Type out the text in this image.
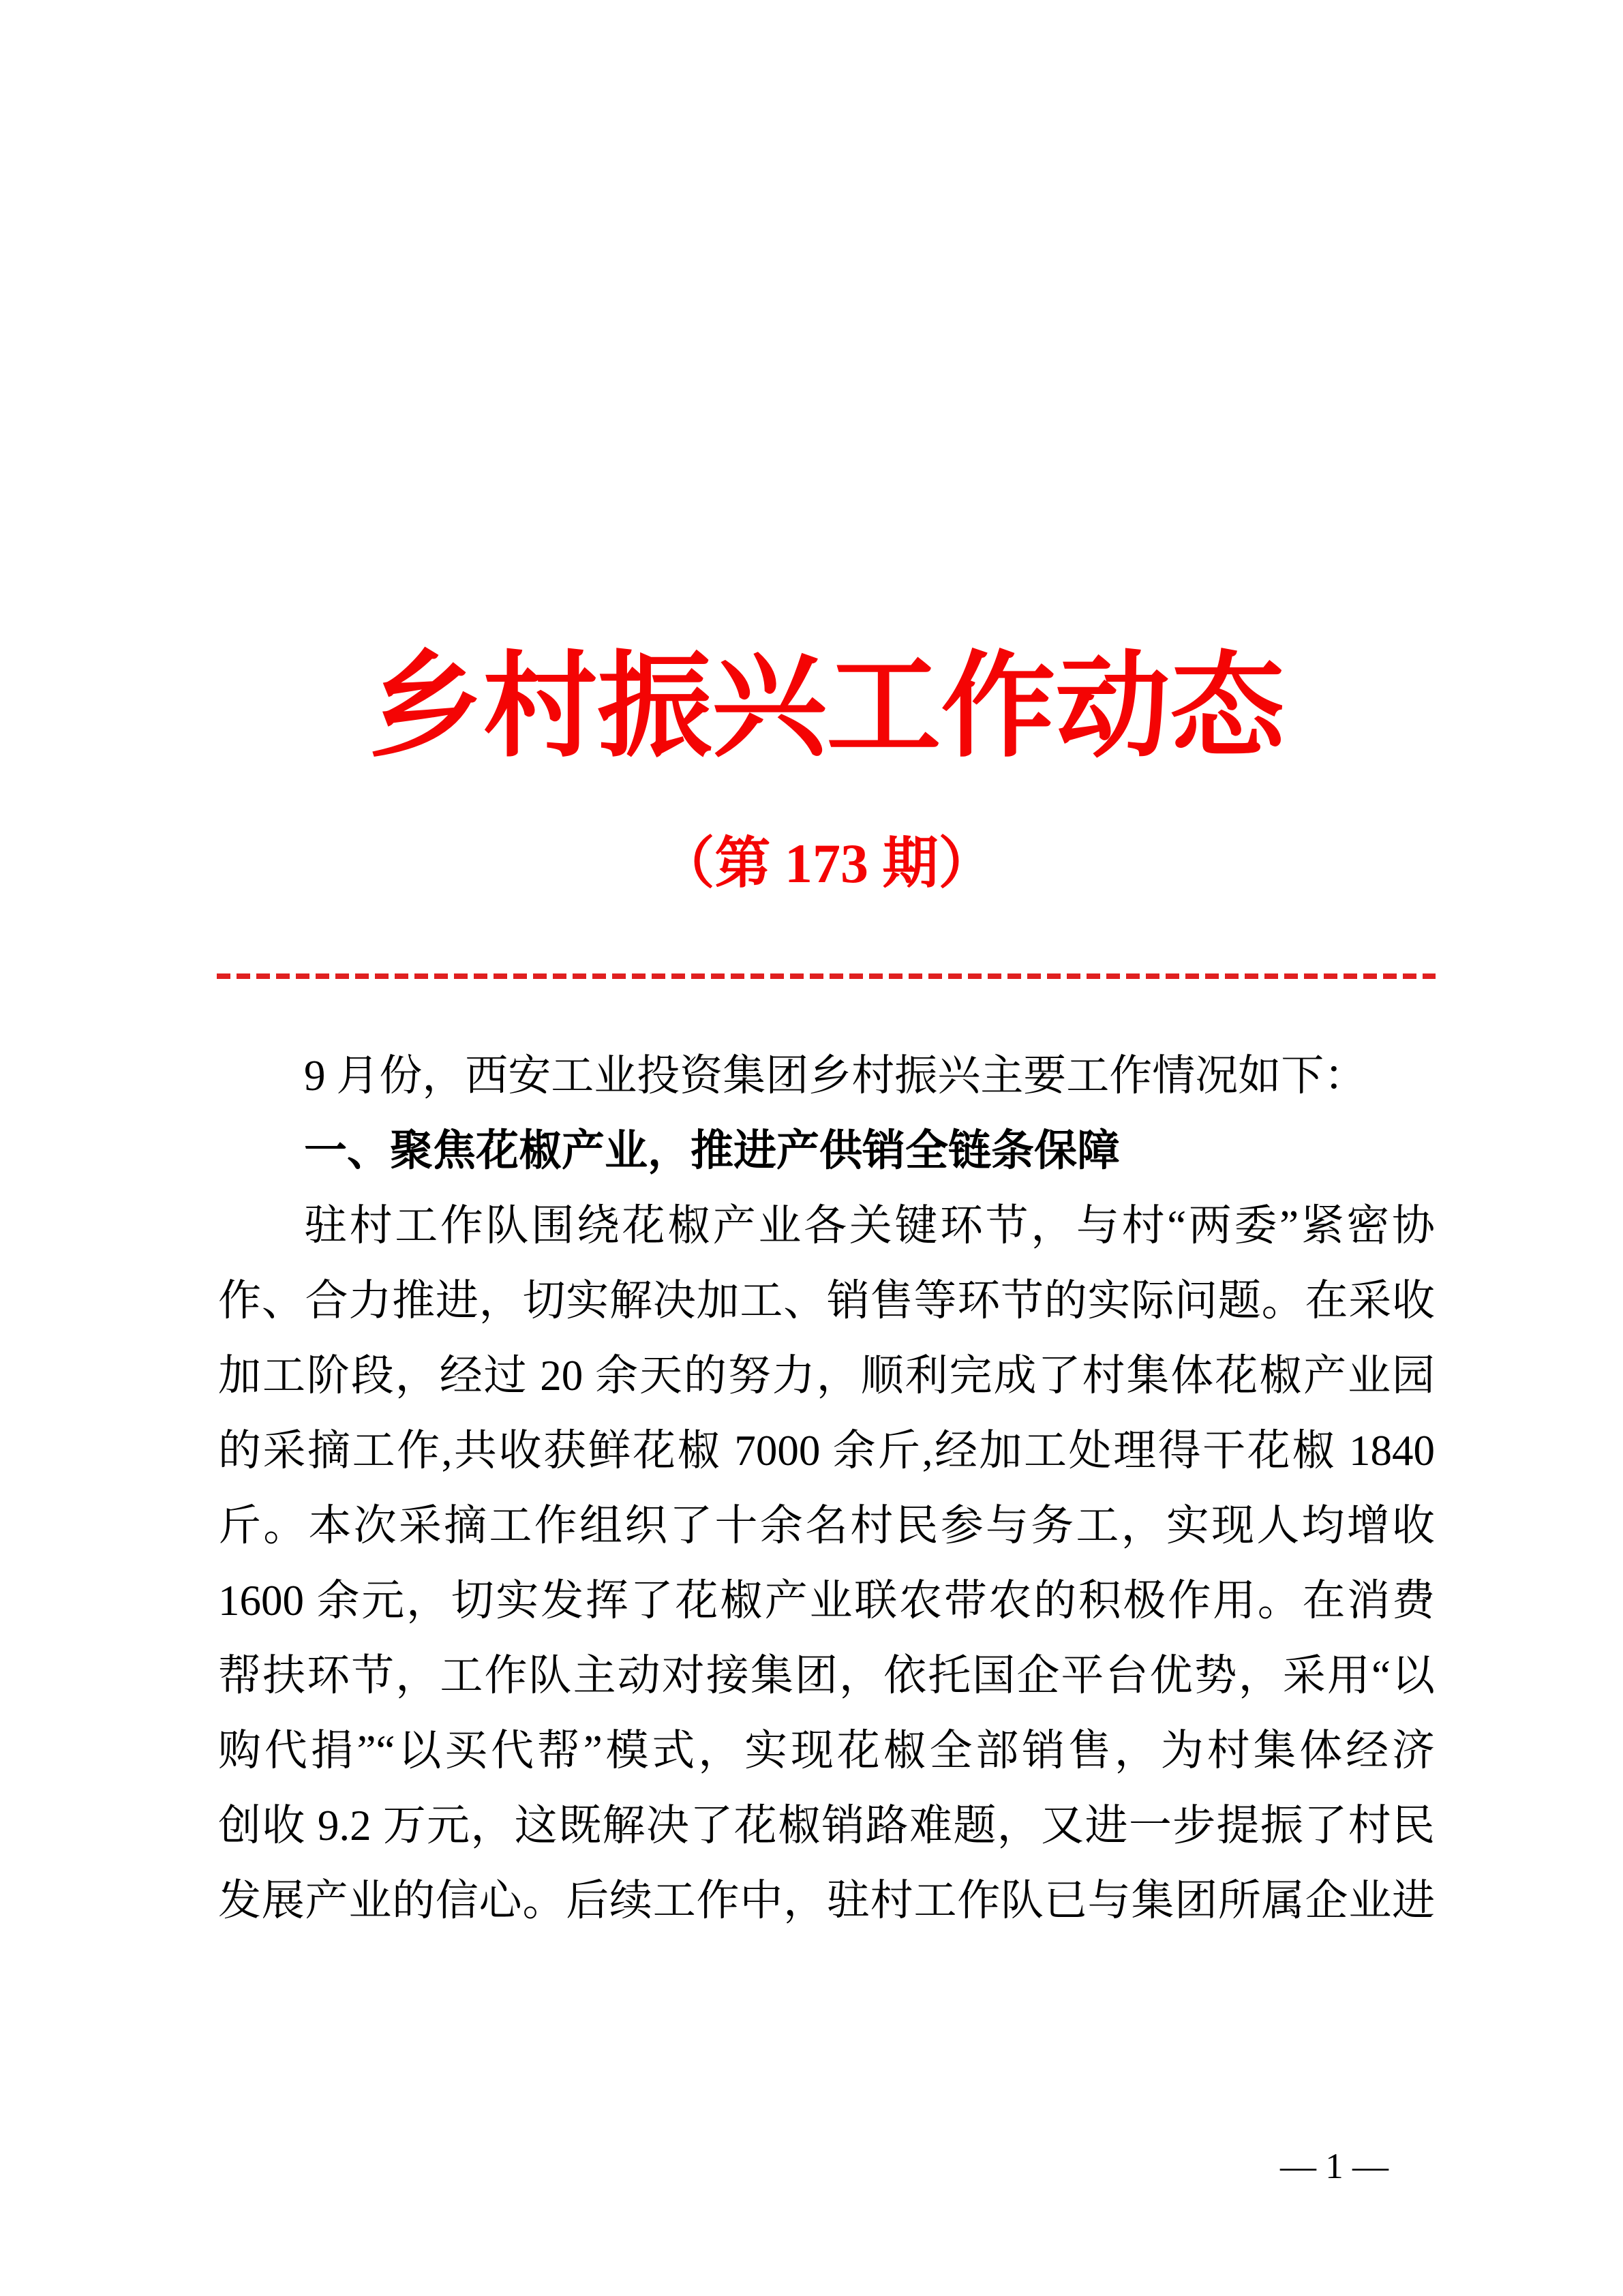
乡村振兴工作动态
（第 173 期）
9 月份，西安工业投资集团乡村振兴主要工作情况如下：
一、聚焦花椒产业，推进产供销全链条保障
驻村工作队围绕花椒产业各关键环节，与村“两委”紧密协
作、合力推进，切实解决加工、销售等环节的实际问题。在采收
加工阶段，经过 20 余天的努力，顺利完成了村集体花椒产业园
的采摘工作,共收获鲜花椒 7000 余斤,经加工处理得干花椒 1840
斤。本次采摘工作组织了十余名村民参与务工，实现人均增收
1600 余元，切实发挥了花椒产业联农带农的积极作用。在消费
帮扶环节，工作队主动对接集团，依托国企平台优势，采用“以
购代捐”“以买代帮”模式，实现花椒全部销售，为村集体经济
创收 9.2 万元，这既解决了花椒销路难题，又进一步提振了村民
发展产业的信心。后续工作中，驻村工作队已与集团所属企业进
— 1 —
